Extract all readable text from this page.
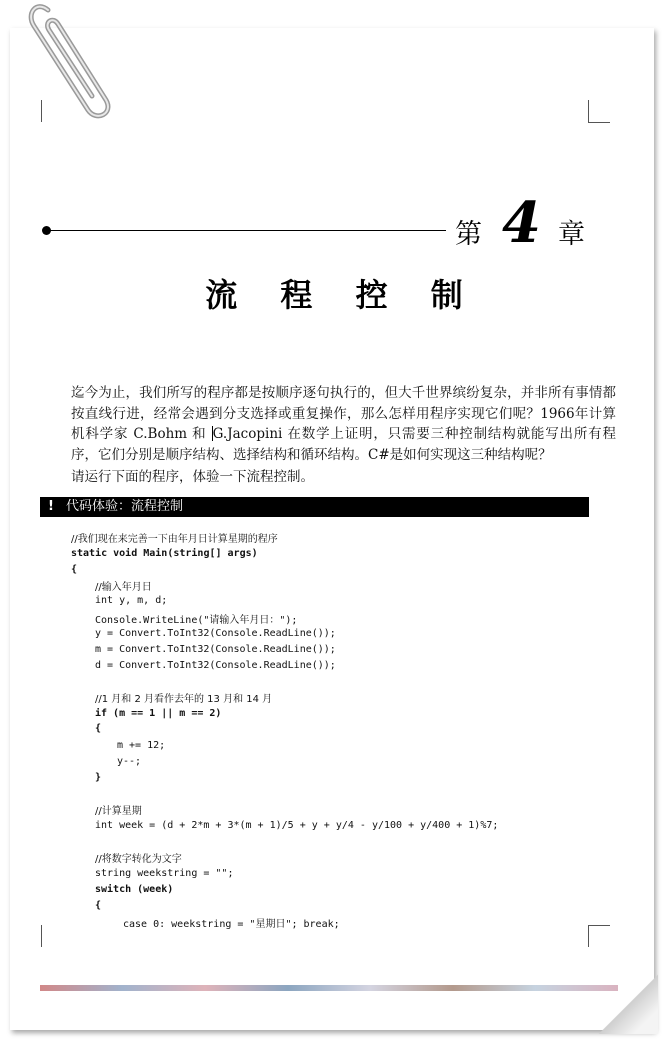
第 4 章
流 程 控 制
迄今为止，我们所写的程序都是按顺序逐句执行的，但大千世界缤纷复杂，并非所有事情都按直线行进，经常会遇到分支选择或重复操作，那么怎样用程序实现它们呢？1966年计算机科学家 C.Bohm 和 G.Jacopini 在数学上证明，只需要三种控制结构就能写出所有程序，它们分别是顺序结构、选择结构和循环结构。C#是如何实现这三种结构呢？
请运行下面的程序，体验一下流程控制。
! 代码体验：流程控制
//我们现在来完善一下由年月日计算星期的程序
static void Main(string[] args)
{
//输入年月日
int y, m, d;
Console.WriteLine("请输入年月日：");
y = Convert.ToInt32(Console.ReadLine());
m = Convert.ToInt32(Console.ReadLine());
d = Convert.ToInt32(Console.ReadLine());
//1 月和 2 月看作去年的 13 月和 14 月
if (m == 1 || m == 2)
{
m += 12;
y--;
}
//计算星期
int week = (d + 2*m + 3*(m + 1)/5 + y + y/4 - y/100 + y/400 + 1)%7;
//将数字转化为文字
string weekstring = "";
switch (week)
{
case 0: weekstring = "星期日"; break;
